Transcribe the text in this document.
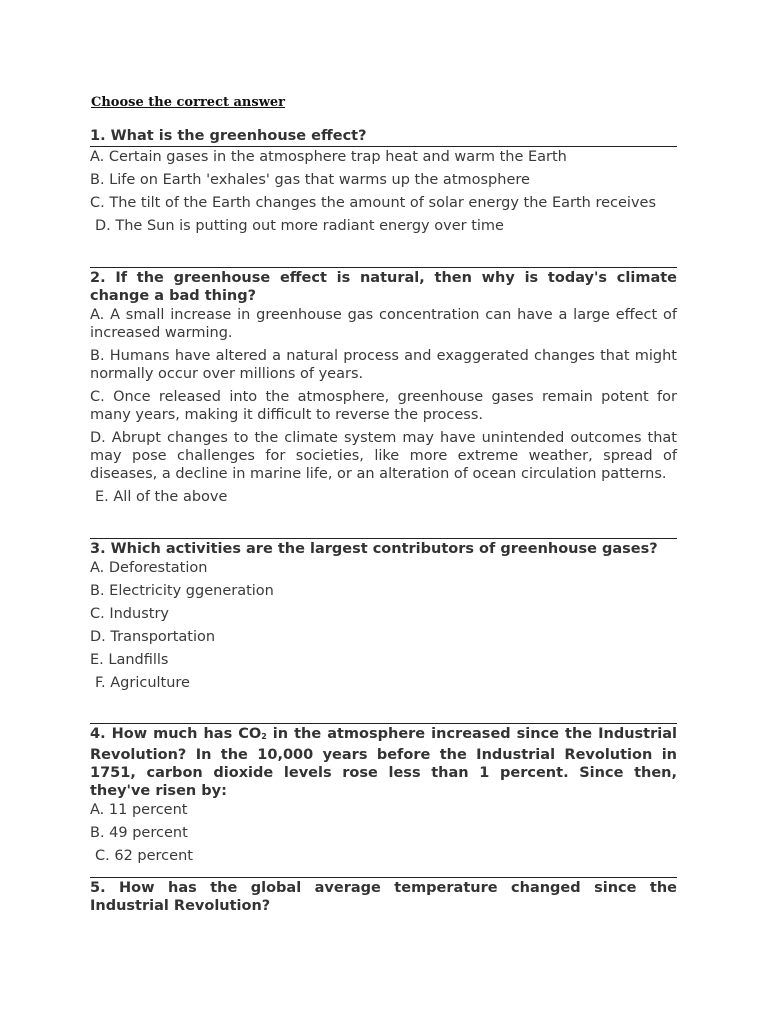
Choose the correct answer
1. What is the greenhouse effect?
A. Certain gases in the atmosphere trap heat and warm the Earth
B. Life on Earth 'exhales' gas that warms up the atmosphere
C. The tilt of the Earth changes the amount of solar energy the Earth receives
D. The Sun is putting out more radiant energy over time
2. If the greenhouse effect is natural, then why is today's climate change a bad thing?
A. A small increase in greenhouse gas concentration can have a large effect of increased warming.
B. Humans have altered a natural process and exaggerated changes that might normally occur over millions of years.
C. Once released into the atmosphere, greenhouse gases remain potent for many years, making it difficult to reverse the process.
D. Abrupt changes to the climate system may have unintended outcomes that may pose challenges for societies, like more extreme weather, spread of diseases, a decline in marine life, or an alteration of ocean circulation patterns.
E. All of the above
3. Which activities are the largest contributors of greenhouse gases?
A. Deforestation
B. Electricity ggeneration
C. Industry
D. Transportation
E. Landfills
F. Agriculture
4. How much has CO2 in the atmosphere increased since the Industrial Revolution? In the 10,000 years before the Industrial Revolution in 1751, carbon dioxide levels rose less than 1 percent. Since then, they've risen by:
A. 11 percent
B. 49 percent
C. 62 percent
5. How has the global average temperature changed since the Industrial Revolution?
